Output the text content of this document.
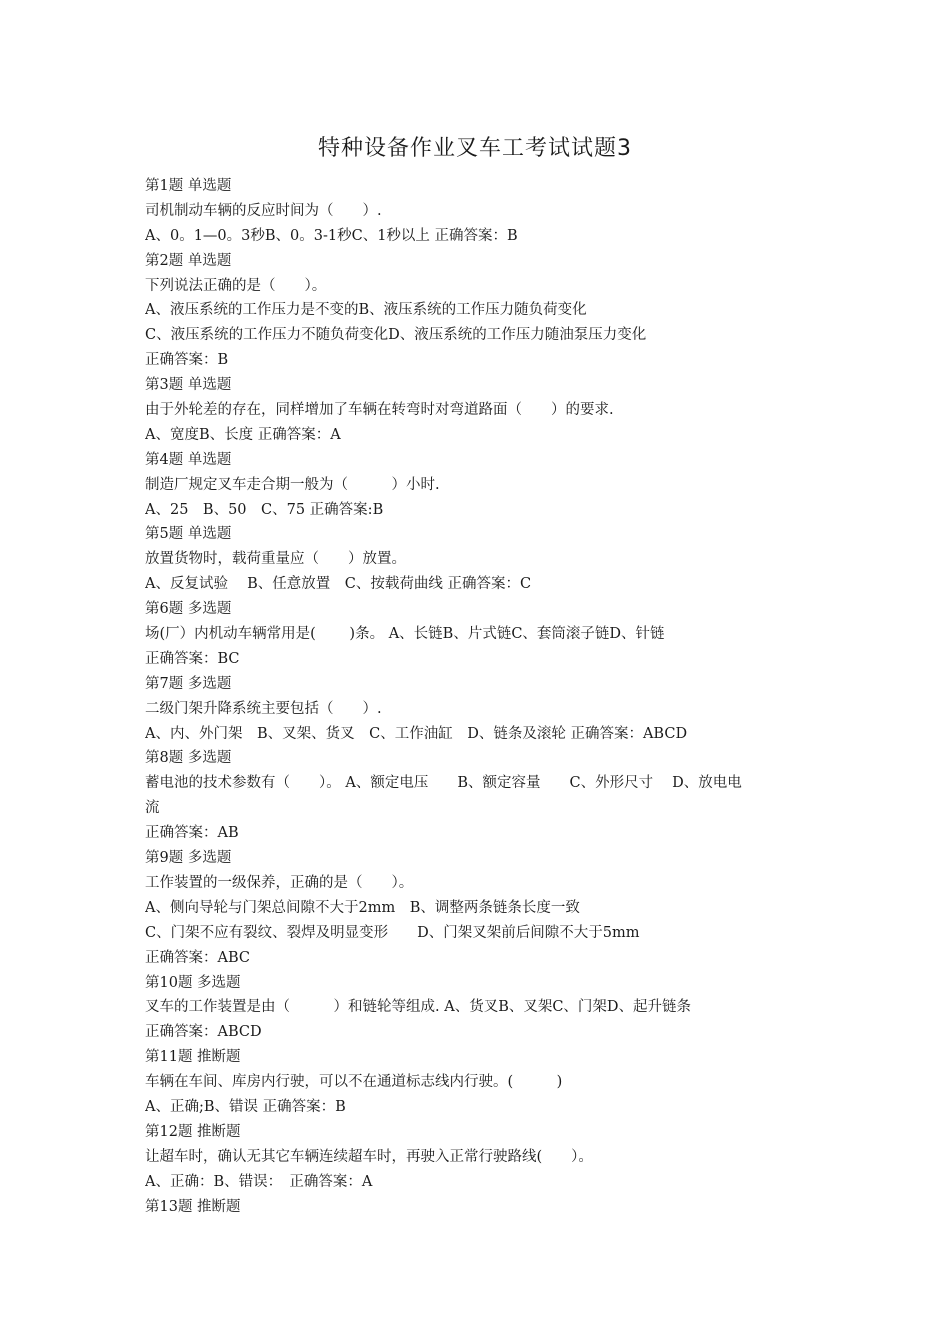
特种设备作业叉车工考试试题3
第1题 单选题
司机制动车辆的反应时间为（　　）.
A、0。1—0。3秒B、0。3-1秒C、1秒以上 正确答案：B
第2题 单选题
下列说法正确的是（　　）。
A、液压系统的工作压力是不变的B、液压系统的工作压力随负荷变化
C、液压系统的工作压力不随负荷变化D、液压系统的工作压力随油泵压力变化
正确答案：B
第3题 单选题
由于外轮差的存在，同样增加了车辆在转弯时对弯道路面（　　）的要求.
A、宽度B、长度 正确答案：A
第4题 单选题
制造厂规定叉车走合期一般为（　　　）小时.
A、25　B、50　C、75 正确答案:B
第5题 单选题
放置货物时，载荷重量应（　　）放置。
A、反复试验　 B、任意放置　C、按载荷曲线 正确答案：C
第6题 多选题
场(厂）内机动车辆常用是(　　 )条。 A、长链B、片式链C、套筒滚子链D、针链
正确答案：BC
第7题 多选题
二级门架升降系统主要包括（　　）.
A、内、外门架　B、叉架、货叉　C、工作油缸　D、链条及滚轮 正确答案：ABCD
第8题 多选题
蓄电池的技术参数有（　　）。 A、额定电压　　B、额定容量　　C、外形尺寸　 D、放电电
流
正确答案：AB
第9题 多选题
工作装置的一级保养，正确的是（　　）。
A、侧向导轮与门架总间隙不大于2mm　B、调整两条链条长度一致
C、门架不应有裂纹、裂焊及明显变形　　D、门架叉架前后间隙不大于5mm
正确答案：ABC
第10题 多选题
叉车的工作装置是由（　　　）和链轮等组成. A、货叉B、叉架C、门架D、起升链条
正确答案：ABCD
第11题 推断题
车辆在车间、库房内行驶，可以不在通道标志线内行驶。(　　　)
A、正确;B、错误 正确答案：B
第12题 推断题
让超车时，确认无其它车辆连续超车时，再驶入正常行驶路线(　　）。
A、正确：B、错误：　正确答案：A
第13题 推断题
